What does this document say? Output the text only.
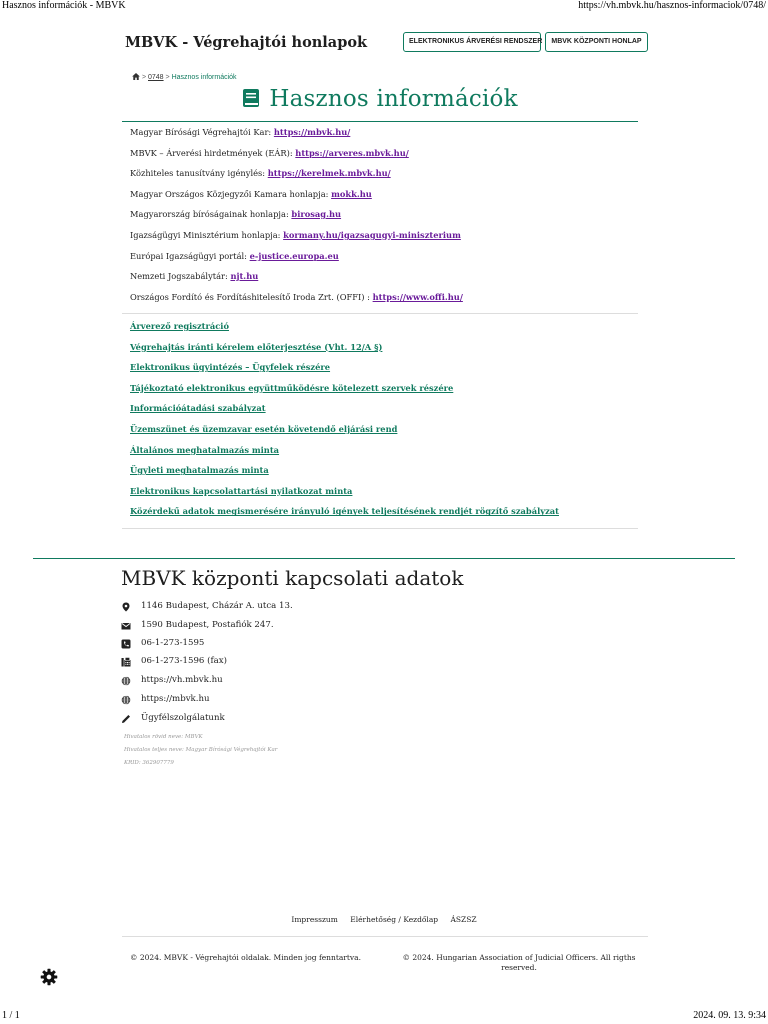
Hasznos információk - MBVK	https://vh.mbvk.hu/hasznos-informaciok/0748/
MBVK - Végrehajtói honlapok	ELEKTRONIKUS ÁRVERÉSI RENDSZER	MBVK KÖZPONTI HONLAP
> 0748 > Hasznos információk
Hasznos információk
Magyar Bírósági Végrehajtói Kar: https://mbvk.hu/
MBVK – Árverési hirdetmények (EÁR): https://arveres.mbvk.hu/
Közhiteles tanusítvány igénylés: https://kerelmek.mbvk.hu/
Magyar Országos Közjegyzői Kamara honlapja: mokk.hu
Magyarország bíróságainak honlapja: birosag.hu
Igazságügyi Minisztérium honlapja: kormany.hu/igazsagugyi-miniszterium
Európai Igazságügyi portál: e-justice.europa.eu
Nemzeti Jogszabálytár: njt.hu
Országos Fordító és Fordításhitelesítő Iroda Zrt. (OFFI) : https://www.offi.hu/
Árverező regisztráció
Végrehajtás iránti kérelem előterjesztése (Vht. 12/A §)
Elektronikus ügyintézés – Ügyfelek részére
Tájékoztató elektronikus együttműködésre kötelezett szervek részére
Információátadási szabályzat
Üzemszünet és üzemzavar esetén követendő eljárási rend
Általános meghatalmazás minta
Ügyleti meghatalmazás minta
Elektronikus kapcsolattartási nyilatkozat minta
Közérdekű adatok megismerésére irányuló igények teljesítésének rendjét rögzítő szabályzat
MBVK központi kapcsolati adatok
1146 Budapest, Cházár A. utca 13.
1590 Budapest, Postafiók 247.
06-1-273-1595
06-1-273-1596 (fax)
https://vh.mbvk.hu
https://mbvk.hu
Ügyfélszolgálatunk
Hivatalos rövid neve: MBVK
Hivatalos teljes neve: Magyar Bírósági Végrehajtói Kar
KRID: 362907779
Impresszum Elérhetőség / Kezdőlap ÁSZSZ
© 2024. MBVK - Végrehajtói oldalak. Minden jog fenntartva.	© 2024. Hungarian Association of Judicial Officers. All rigths reserved.
1 / 1	2024. 09. 13. 9:34
